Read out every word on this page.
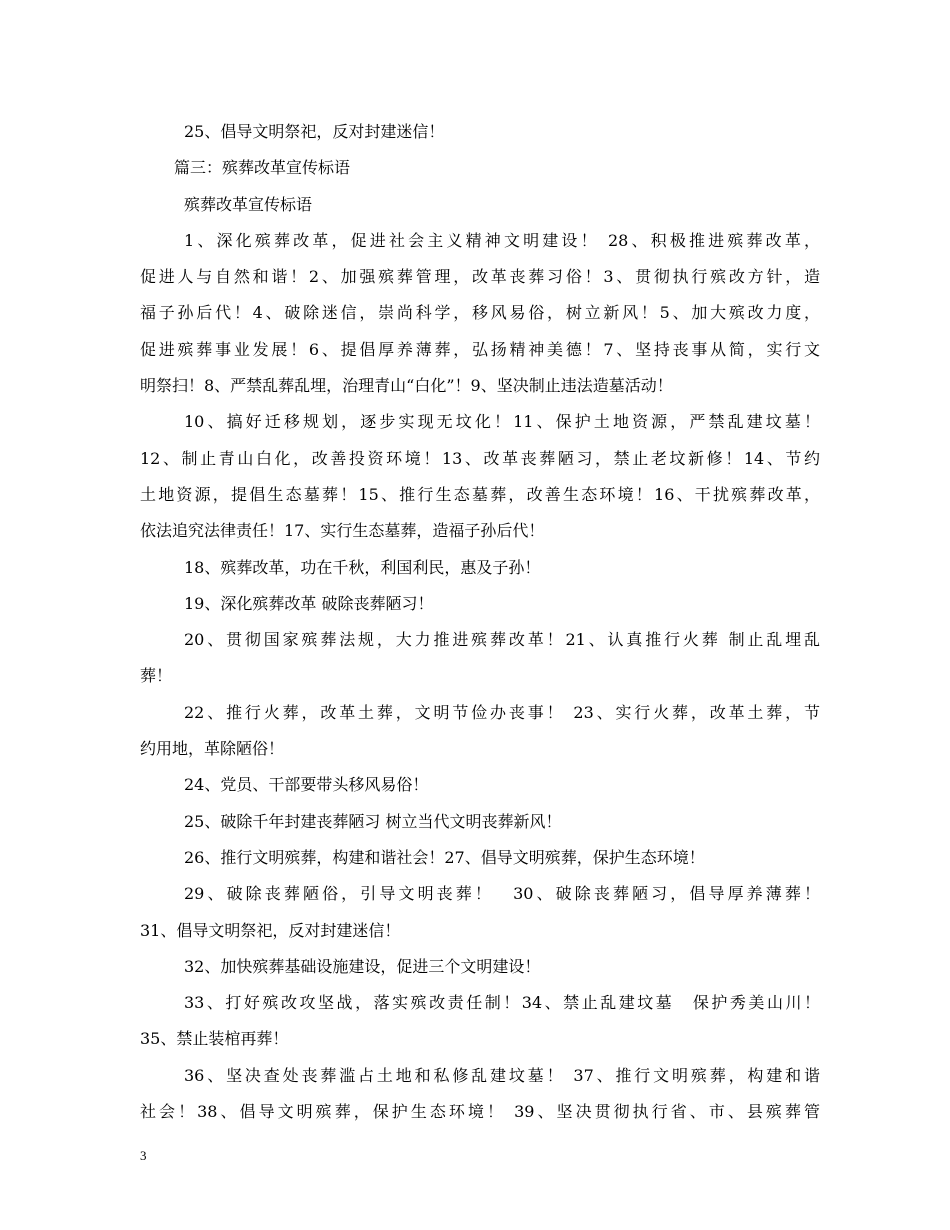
25、倡导文明祭祀，反对封建迷信！
篇三：殡葬改革宣传标语
殡葬改革宣传标语
1、深化殡葬改革，促进社会主义精神文明建设！ 28、积极推进殡葬改革，
促进人与自然和谐！2、加强殡葬管理，改革丧葬习俗！3、贯彻执行殡改方针，造
福子孙后代！4、破除迷信，崇尚科学，移风易俗，树立新风！5、加大殡改力度，
促进殡葬事业发展！6、提倡厚养薄葬，弘扬精神美德！7、坚持丧事从简，实行文
明祭扫！8、严禁乱葬乱埋，治理青山“白化”！9、坚决制止违法造墓活动！
10、搞好迁移规划，逐步实现无坟化！11、保护土地资源，严禁乱建坟墓！
12、制止青山白化，改善投资环境！13、改革丧葬陋习，禁止老坟新修！14、节约
土地资源，提倡生态墓葬！15、推行生态墓葬，改善生态环境！16、干扰殡葬改革，
依法追究法律责任！17、实行生态墓葬，造福子孙后代！
18、殡葬改革，功在千秋，利国利民，惠及子孙！
19、深化殡葬改革 破除丧葬陋习！
20、贯彻国家殡葬法规，大力推进殡葬改革！21、认真推行火葬 制止乱埋乱
葬！
22、推行火葬，改革土葬，文明节俭办丧事！ 23、实行火葬，改革土葬，节
约用地，革除陋俗！
24、党员、干部要带头移风易俗！
25、破除千年封建丧葬陋习 树立当代文明丧葬新风！
26、推行文明殡葬，构建和谐社会！27、倡导文明殡葬，保护生态环境！
29、破除丧葬陋俗，引导文明丧葬！　30、破除丧葬陋习，倡导厚养薄葬！
31、倡导文明祭祀，反对封建迷信！
32、加快殡葬基础设施建设，促进三个文明建设！
33、打好殡改攻坚战，落实殡改责任制！34、禁止乱建坟墓　保护秀美山川！
35、禁止装棺再葬！
36、坚决查处丧葬滥占土地和私修乱建坟墓！ 37、推行文明殡葬，构建和谐
社会！38、倡导文明殡葬，保护生态环境！ 39、坚决贯彻执行省、市、县殡葬管
3
